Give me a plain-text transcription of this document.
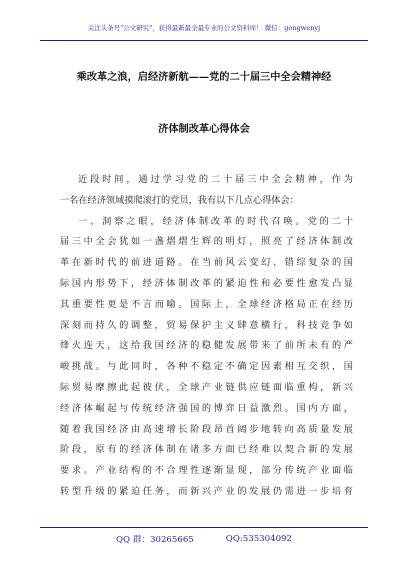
关注头条号"公文研究"，获得最新最全最专业的公文资料库！ 微信：gongwenyj
乘改革之浪，启经济新航——党的二十届三中全会精神经
济体制改革心得体会

近段时间，通过学习党的二十届三中全会精神，作为
一名在经济领域摸爬滚打的党员，我有以下几点心得体会：

一、洞察之眼，经济体制改革的时代召唤。党的二十
届三中全会犹如一盏熠熠生辉的明灯，照亮了经济体制改
革在新时代的前进道路。在当前风云变幻、错综复杂的国
际国内形势下，经济体制改革的紧迫性和必要性愈发凸显
其重要性更是不言而喻。国际上，全球经济格局正在经历
深刻而持久的调整，贸易保护主义肆意横行，科技竞争如
烽火连天，这给我国经济的稳健发展带来了前所未有的严
峻挑战。与此同时，各种不稳定不确定因素相互交织，国
际贸易摩擦此起彼伏，全球产业链供应链面临重构，新兴
经济体崛起与传统经济强国的博弈日益激烈。国内方面，
随着我国经济由高速增长阶段昂首阔步地转向高质量发展
阶段，原有的经济体制在诸多方面已经难以契合新的发展
要求。产业结构的不合理性逐渐显现，部分传统产业面临
转型升级的紧迫任务，而新兴产业的发展仍需进一步培育

QQ 群：30265665	QQ:535304092
